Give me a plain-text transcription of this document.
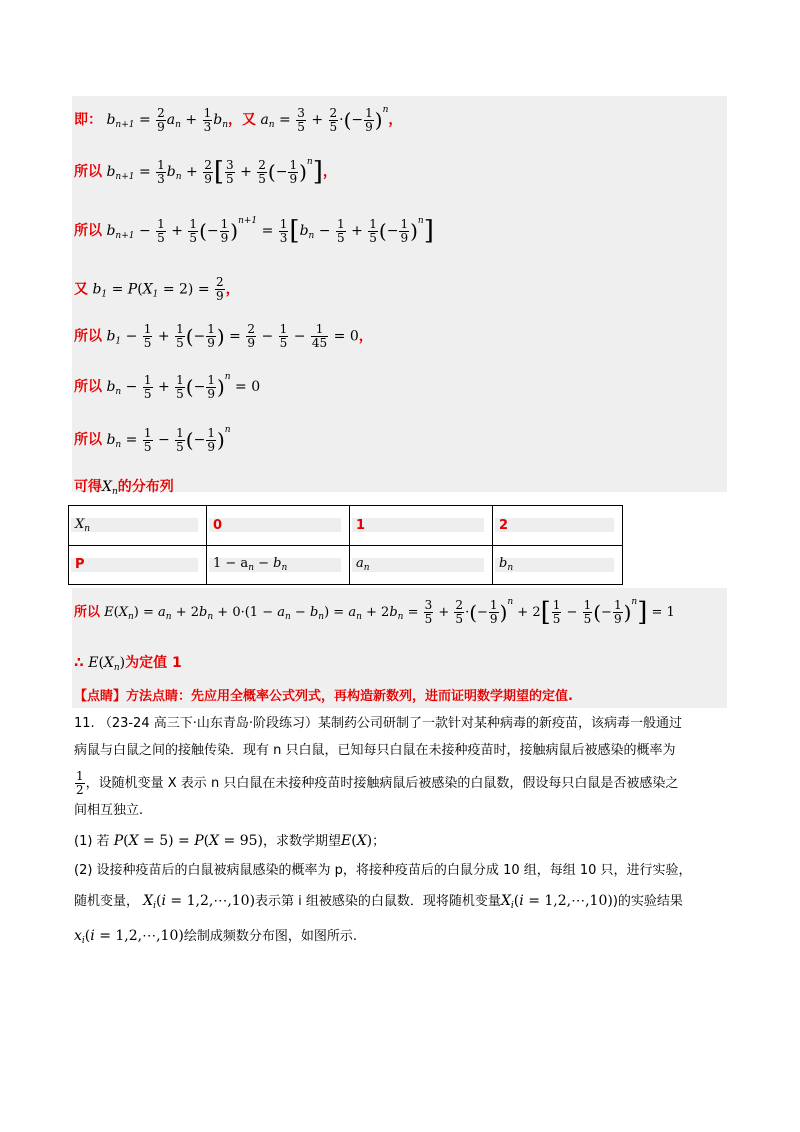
即： $b_{n+1} = \frac{2}{9} a_n + \frac{1}{3} b_n$，又 $a_n = \frac{3}{5} + \frac{2}{5}$ ·(− $\frac{1}{9} )^n$，
所以 $b_{n+1} = \frac{1}{3} b_n + \frac{2}{9}$ [ $\frac{3}{5} + \frac{2}{5}$ (− $\frac{1}{9} )^n$]，
所以 $b_{n+1} - \frac{1}{5} + \frac{1}{5}$ (− $\frac{1}{9} )^{n+1} = \frac{1}{3} [b_n - \frac{1}{5} + \frac{1}{5}$ (− $\frac{1}{9} )^n$]
又 $b_1 = P(X_1 = 2) = \frac{2}{9}$ ，
所以 $b_1 - \frac{1}{5} + \frac{1}{5}$ (− $\frac{1}{9}$ ) = $\frac{2}{9} - \frac{1}{5} - \frac{1}{45} = 0$，
所以 $b_n - \frac{1}{5} + \frac{1}{5}$ (− $\frac{1}{9} )^n = 0$
所以 $b_n = \frac{1}{5} - \frac{1}{5}$ (− $\frac{1}{9} )^n$
可得$X_n$的分布列
$X_n$	0	1	2

P	$1 - a_n - b_n$	$a_n$	$b_n$
所以 $E(X_n) = a_n + 2b_n + 0\cdot(1 - a_n - b_n) = a_n + 2b_n = \frac{3}{5} + \frac{2}{5}$ ·(− $\frac{1}{9} )^n + 2[ \frac{1}{5} - \frac{1}{5}$ (− $\frac{1}{9} )^n] = 1$
∴ $E(X_n)$为定值 1
【点睛】方法点睛：先应用全概率公式列式，再构造新数列，进而证明数学期望的定值.
11. （23-24 高三下·山东青岛·阶段练习）某制药公司研制了一款针对某种病毒的新疫苗，该病毒一般通过
病鼠与白鼠之间的接触传染．现有 n 只白鼠，已知每只白鼠在未接种疫苗时，接触病鼠后被感染的概率为
$\frac{1}{2}$ ，设随机变量 X 表示 n 只白鼠在未接种疫苗时接触病鼠后被感染的白鼠数，假设每只白鼠是否被感染之
间相互独立.
(1) 若 P(X = 5) = P(X = 95)，求数学期望E(X)；
(2) 设接种疫苗后的白鼠被病鼠感染的概率为 p，将接种疫苗后的白鼠分成 10 组，每组 10 只，进行实验，
随机变量， $X_i(i$ = 1,2,⋯,10)表示第 i 组被感染的白鼠数．现将随机变量$X_i(i$ = 1,2,⋯,10))的实验结果
$x_i(i$ = 1,2,⋯,10)绘制成频数分布图，如图所示.
